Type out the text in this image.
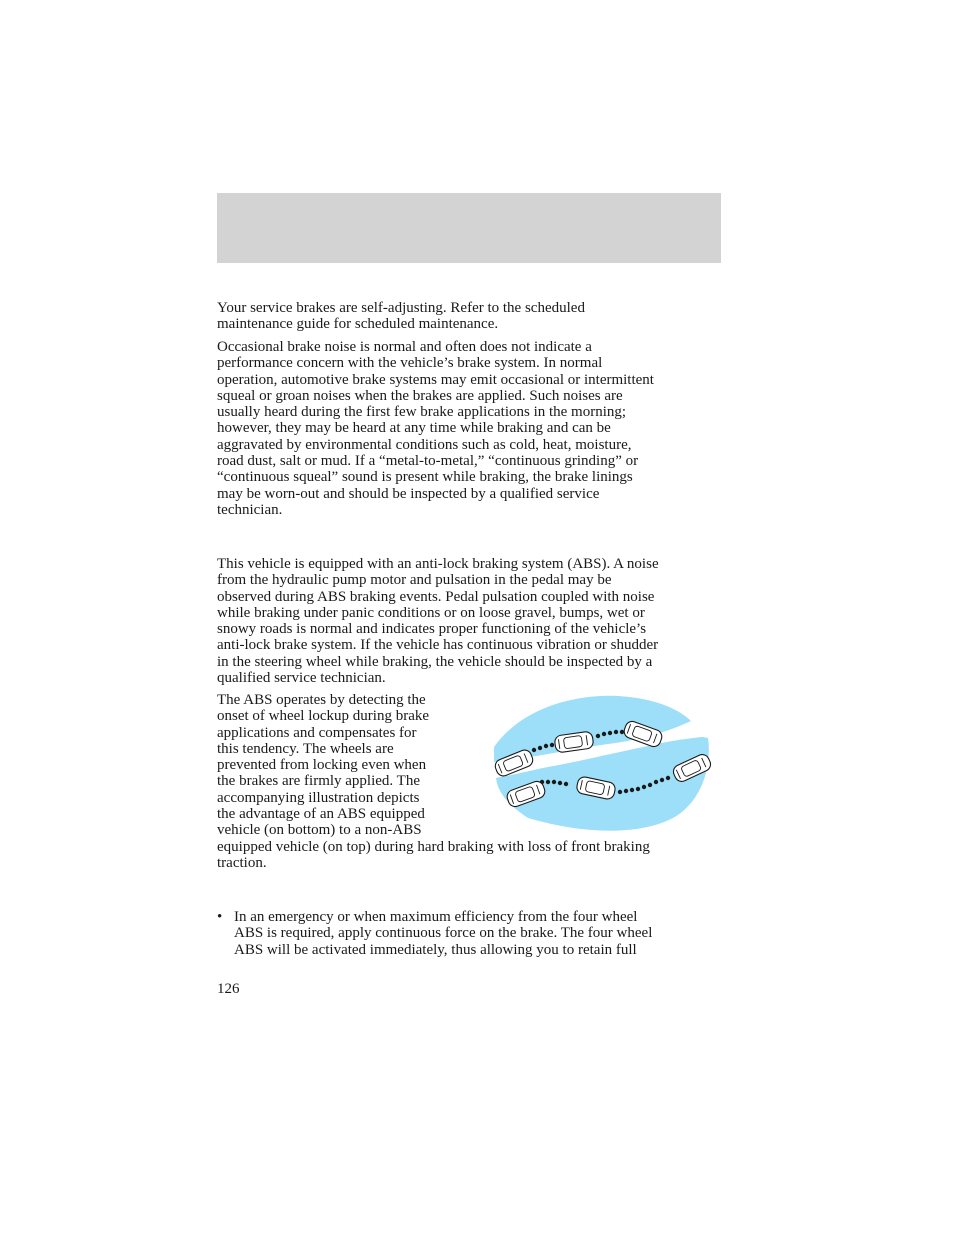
Your service brakes are self-adjusting. Refer to the scheduled
maintenance guide for scheduled maintenance.

Occasional brake noise is normal and often does not indicate a
performance concern with the vehicle’s brake system. In normal
operation, automotive brake systems may emit occasional or intermittent
squeal or groan noises when the brakes are applied. Such noises are
usually heard during the first few brake applications in the morning;
however, they may be heard at any time while braking and can be
aggravated by environmental conditions such as cold, heat, moisture,
road dust, salt or mud. If a “metal-to-metal,” “continuous grinding” or
“continuous squeal” sound is present while braking, the brake linings
may be worn-out and should be inspected by a qualified service
technician.

This vehicle is equipped with an anti-lock braking system (ABS). A noise
from the hydraulic pump motor and pulsation in the pedal may be
observed during ABS braking events. Pedal pulsation coupled with noise
while braking under panic conditions or on loose gravel, bumps, wet or
snowy roads is normal and indicates proper functioning of the vehicle’s
anti-lock brake system. If the vehicle has continuous vibration or shudder
in the steering wheel while braking, the vehicle should be inspected by a
qualified service technician.

The ABS operates by detecting the
onset of wheel lockup during brake
applications and compensates for
this tendency. The wheels are
prevented from locking even when
the brakes are firmly applied. The
accompanying illustration depicts
the advantage of an ABS equipped
vehicle (on bottom) to a non-ABS

equipped vehicle (on top) during hard braking with loss of front braking
traction.

• In an emergency or when maximum efficiency from the four wheel
ABS is required, apply continuous force on the brake. The four wheel
ABS will be activated immediately, thus allowing you to retain full
126
